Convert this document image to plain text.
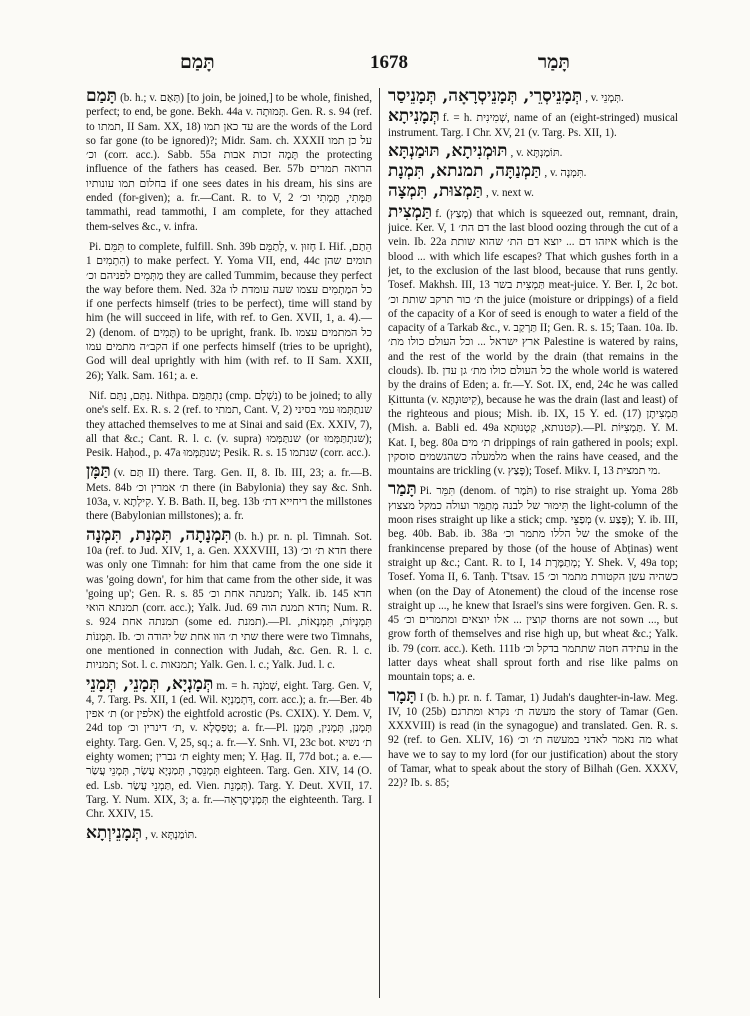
תָּמַם	1678	תָּמַר

תָּמַם (b. h.; v. תְּאַם) [to join, be joined,] to be whole, finished, perfect; to end, be gone. Bekh. 44a v. תְּמוּתָה. Gen. R. s. 94 (ref. to תמתו, II Sam. XX, 18) עד כאן תמו are the words of the Lord so far gone (to be ignored)?; Midr. Sam. ch. XXXII על כן תמו וכ׳ (corr. acc.). Sabb. 55a תָּמָה זכות אבות the protecting influence of the fathers has ceased. Ber. 57b הרואה תמרים בחלום תמו עונותיו if one sees dates in his dream, his sins are ended (for-given); a. fr.—Cant. R. to V, 2 תַּמָּתִי, תָּמָתִי וכ׳ tammathi, read tammothi, I am complete, for they attached them-selves &c., v. infra.

Pi. תִּמֵּם to complete, fulfill. Snh. 39b לְתַמֵּם, v. חָזוּן I. Hif. הֵתַם, הִתְמִים 1) to make perfect. Y. Yoma VII, end, 44c תומים שהן מַתְּמִים לפניהם וכ׳ they are called Tummim, because they perfect the way before them. Ned. 32a כל המַתְמִים עצמו שעה עומדת לו if one perfects himself (tries to be perfect), time will stand by him (he will succeed in life, with ref. to Gen. XVII, 1, a. 4).— 2) (denom. of תָּמִים) to be upright, frank. Ib. כל המתמים עצמו הקב״ה מתמים עמו if one perfects himself (tries to be upright), God will deal uprightly with him (with ref. to II Sam. XXII, 26); Yalk. Sam. 161; a. e.

Nif. נִתַּם, נִתַּם. Nithpa. נִתְתַּמֵּם (cmp. נִשְׁלַם) to be joined; to ally one's self. Ex. R. s. 2 (ref. to תמתי, Cant. V, 2) שנתַתְּמוּ עמי בסיני they attached themselves to me at Sinai and said (Ex. XXIV, 7), all that &c.; Cant. R. l. c. (v. supra) שנתַּמְּמוּ (or שנתְתַּמְּמוּ); Pesik. Haḥod., p. 47a שנתַּמְּמוּ; Pesik. R. s. 15 שנתמו (corr. acc.).

תַּמָּן (v. תַּם II) there. Targ. Gen. II, 8. Ib. III, 23; a. fr.—B. Mets. 84b ת׳ אמרין וכ׳ there (in Babylonia) they say &c. Snh. 103a, v. קִילְתָא. Y. B. Bath. II, beg. 13b ריחייא דת׳ the millstones there (Babylonian millstones); a. fr.

תִּמְנָתָה, תִּמְנַת, תִּמְנָה (b. h.) pr. n. pl. Timnah. Sot. 10a (ref. to Jud. XIV, 1, a. Gen. XXXVIII, 13) חדא ת׳ וכ׳ there was only one Timnah: for him that came from the one side it was 'going down', for him that came from the other side, it was 'going up'; Gen. R. s. 85 תמנתה אחת וכ׳; Yalk. ib. 145 חדא תמנתא הואי (corr. acc.); Yalk. Jud. 69 חדא תמנת הוה; Num. R. s. 924 תמנתה אחת (some ed. תמנת).—Pl. תִּמְנָיוֹת, תִּמְנָאוֹת, תִּמְנוֹת. Ib. שתי ת׳ הוו אחת של יהודה וכ׳ there were two Timnahs, one mentioned in connection with Judah, &c. Gen. R. l. c. תמניות; Sot. l. c. תמנאות; Yalk. Gen. l. c.; Yalk. Jud. l. c.

תְּמָנְיָא, תְּמָנֵי, תְּמָנֵי m. = h. שְׁמֹנָה, eight. Targ. Gen. V, 4, 7. Targ. Ps. XII, 1 (ed. Wil. דִּתְמַנְיָא, corr. acc.); a. fr.—Ber. 4b ת׳ אפין (or אלפין) the eightfold acrostic (Ps. CXIX). Y. Dem. V, 24d top ת׳ דינרין וכ׳, v. טְפַסְלָא; a. fr.—Pl. תְּמָנַן, תְּמָנִין, תְּמָנָן eighty. Targ. Gen. V, 25, sq.; a. fr.—Y. Snh. VI, 23c bot. ת׳ נשיא eighty women; ת׳ גברין eighty men; Y. Ḥag. II, 77d bot.; a. e.—תְּמָנֵסַר, תְּמַנְיָא עֲשַׂר, תְּמָנֵי עֲשַׂר eighteen. Targ. Gen. XIV, 14 (O. ed. Lsb. תַּמְנֵי עֲשַׂר, ed. Vien. תְּמָנֵת). Targ. Y. Deut. XVII, 17. Targ. Y. Num. XIX, 3; a. fr.—תְּמָנְיסָרָאָה the eighteenth. Targ. I Chr. XXIV, 15.

תְּמָנֵיוְתָא , v. תּוֹמַנְתָּא.

תְּמָנֵיסְרֵי, תְּמָנֵיסְרָאָה, תְּמָנֵיסַר , v. תְּמָנֵי.

תְּמָנִיתָא f. = h. שְׁמִינִית, name of an (eight-stringed) musical instrument. Targ. I Chr. XV, 21 (v. Targ. Ps. XII, 1).

תּוּמְנִיתָא, תּוּמַנְתָּא , v. תּוֹמַנְתָּא.

תַּמְנַתָּה, תמנתא, תִּמְנָת , v. תִּמְנָה.

תַּמְצוּת, תִּמְצָה , v. next w.

תַּמְצִית f. (מָצַץ) that which is squeezed out, remnant, drain, juice. Ker. V, 1 דם הת׳ the last blood oozing through the cut of a vein. Ib. 22a איזהו דם ... יוצא דם הת׳ שהוא שותת which is the blood ... with which life escapes? That which gushes forth in a jet, to the exclusion of the last blood, because that runs gently. Tosef. Makhsh. III, 13 תַּמְצִית בשר meat-juice. Y. Ber. I, 2c bot. ת׳ כור תרקב שותת וכ׳ the juice (moisture or drippings) of a field of the capacity of a Kor of seed is enough to water a field of the capacity of a Tarkab &c., v. תַּרְקַב II; Gen. R. s. 15; Taan. 10a. Ib. ארץ ישראל ... וכל העולם כולו מת׳ Palestine is watered by rains, and the rest of the world by the drain (that remains in the clouds). Ib. כל העולם כולו מת׳ גן עדן the whole world is watered by the drains of Eden; a. fr.—Y. Sot. IX, end, 24c he was called Ḳittunta (v. קִיטּוּנְתָּא), because he was the drain (last and least) of the righteous and pious; Mish. ib. IX, 15 Y. ed. (17) תַּמְצִיתָן (Mish. a. Babli ed. 49a קטנותא, קַטְנוּתָא).—Pl. תַּמְצִיּוֹת. Y. M. Kat. I, beg. 80a ת׳ מים drippings of rain gathered in pools; expl. מלמעלה כשהגשמים סוסקין when the rains have ceased, and the mountains are trickling (v. פָּצַץ); Tosef. Mikv. I, 13 מי תמצית.

תָּמַר Pi. תִּמֵּר (denom. of תֹּמֶר) to rise straight up. Yoma 28b תִּימוּר של לבנה מְתַמֵּר ועולה כמקל מצצוץ the light-column of the moon rises straight up like a stick; cmp. מְפַצֵּי (v. פָּצַע); Y. ib. III, beg. 40b. Bab. ib. 38a של הללו מתמר וכ׳ the smoke of the frankincense prepared by those (of the house of Abṭinas) went straight up &c.; Cant. R. to I, 14 מְתַמֶּרֶת; Y. Shek. V, 49a top; Tosef. Yoma II, 6. Tanḥ. T'tsav. 15 כשהיה עשן הקטורת מתמר וכ׳ when (on the Day of Atonement) the cloud of the incense rose straight up ..., he knew that Israel's sins were forgiven. Gen. R. s. 45 קוצין ... אלו יוצאים ומתמרים וכ׳ thorns are not sown ..., but grow forth of themselves and rise high up, but wheat &c.; Yalk. ib. 79 (corr. acc.). Keth. 111b עתידה חטה שתתמר בדקל וכ׳ in the latter days wheat shall sprout forth and rise like palms on mountain tops; a. e.

תָּמָר I (b. h.) pr. n. f. Tamar, 1) Judah's daughter-in-law. Meg. IV, 10 (25b) מעשה ת׳ נקרא ומתרגם the story of Tamar (Gen. XXXVIII) is read (in the synagogue) and translated. Gen. R. s. 92 (ref. to Gen. XLIV, 16) מה נאמר לאדני במעשה ת׳ וכ׳ what have we to say to my lord (for our justification) about the story of Tamar, what to speak about the story of Bilhah (Gen. XXXV, 22)? Ib. s. 85;
